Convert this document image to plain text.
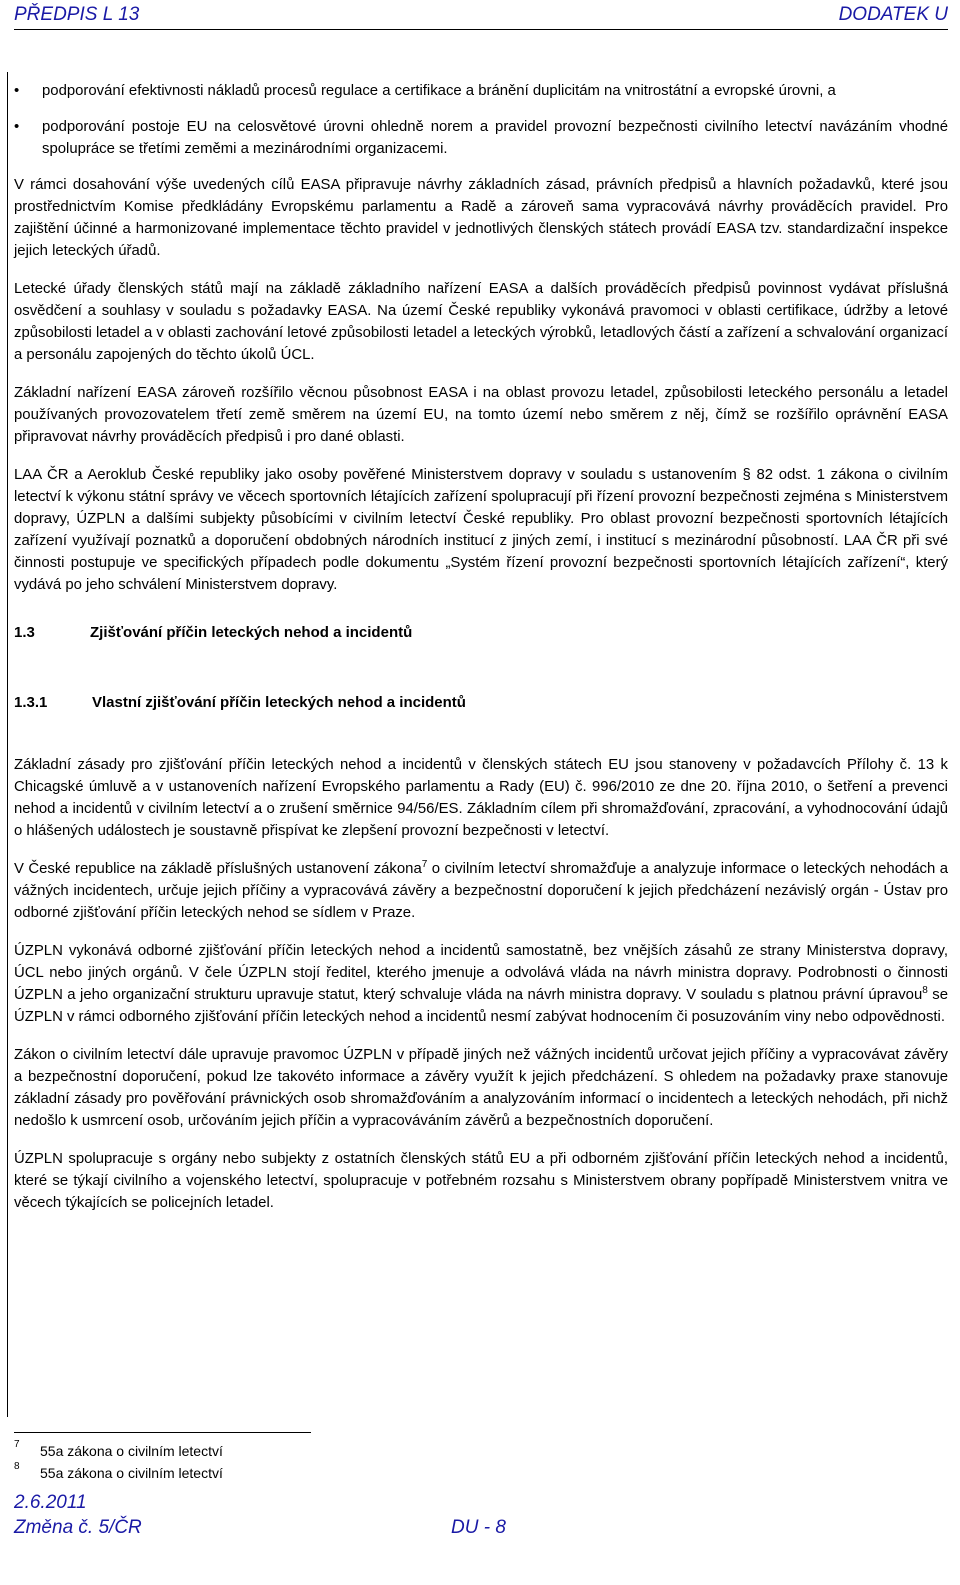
PŘEDPIS L 13	DODATEK U
• podporování efektivnosti nákladů procesů regulace a certifikace a bránění duplicitám na vnitrostátní a evropské úrovni, a
• podporování postoje EU na celosvětové úrovni ohledně norem a pravidel provozní bezpečnosti civilního letectví navázáním vhodné spolupráce se třetími zeměmi a mezinárodními organizacemi.

V rámci dosahování výše uvedených cílů EASA připravuje návrhy základních zásad, právních předpisů a hlavních požadavků, které jsou prostřednictvím Komise předkládány Evropskému parlamentu a Radě a zároveň sama vypracovává návrhy prováděcích pravidel. Pro zajištění účinné a harmonizované implementace těchto pravidel v jednotlivých členských státech provádí EASA tzv. standardizační inspekce jejich leteckých úřadů.

Letecké úřady členských států mají na základě základního nařízení EASA a dalších prováděcích předpisů povinnost vydávat příslušná osvědčení a souhlasy v souladu s požadavky EASA. Na území České republiky vykonává pravomoci v oblasti certifikace, údržby a letové způsobilosti letadel a v oblasti zachování letové způsobilosti letadel a leteckých výrobků, letadlových částí a zařízení a schvalování organizací a personálu zapojených do těchto úkolů ÚCL.

Základní nařízení EASA zároveň rozšířilo věcnou působnost EASA i na oblast provozu letadel, způsobilosti leteckého personálu a letadel používaných provozovatelem třetí země směrem na území EU, na tomto území nebo směrem z něj, čímž se rozšířilo oprávnění EASA připravovat návrhy prováděcích předpisů i pro dané oblasti.

LAA ČR a Aeroklub České republiky jako osoby pověřené Ministerstvem dopravy v souladu s ustanovením § 82 odst. 1 zákona o civilním letectví k výkonu státní správy ve věcech sportovních létajících zařízení spolupracují při řízení provozní bezpečnosti zejména s Ministerstvem dopravy, ÚZPLN a dalšími subjekty působícími v civilním letectví České republiky. Pro oblast provozní bezpečnosti sportovních létajících zařízení využívají poznatků a doporučení obdobných národních institucí z jiných zemí, i institucí s mezinárodní působností. LAA ČR při své činnosti postupuje ve specifických případech podle dokumentu „Systém řízení provozní bezpečnosti sportovních létajících zařízení“, který vydává po jeho schválení Ministerstvem dopravy.

1.3	Zjišťování příčin leteckých nehod a incidentů
1.3.1	Vlastní zjišťování příčin leteckých nehod a incidentů

Základní zásady pro zjišťování příčin leteckých nehod a incidentů v členských státech EU jsou stanoveny v požadavcích Přílohy č. 13 k Chicagské úmluvě a v ustanoveních nařízení Evropského parlamentu a Rady (EU) č. 996/2010 ze dne 20. října 2010, o šetření a prevenci nehod a incidentů v civilním letectví a o zrušení směrnice 94/56/ES. Základním cílem při shromažďování, zpracování, a vyhodnocování údajů o hlášených událostech je soustavně přispívat ke zlepšení provozní bezpečnosti v letectví.

V České republice na základě příslušných ustanovení zákona$^7$ o civilním letectví shromažďuje a analyzuje informace o leteckých nehodách a vážných incidentech, určuje jejich příčiny a vypracovává závěry a bezpečnostní doporučení k jejich předcházení nezávislý orgán - Ústav pro odborné zjišťování příčin leteckých nehod se sídlem v Praze.

ÚZPLN vykonává odborné zjišťování příčin leteckých nehod a incidentů samostatně, bez vnějších zásahů ze strany Ministerstva dopravy, ÚCL nebo jiných orgánů. V čele ÚZPLN stojí ředitel, kterého jmenuje a odvolává vláda na návrh ministra dopravy. Podrobnosti o činnosti ÚZPLN a jeho organizační strukturu upravuje statut, který schvaluje vláda na návrh ministra dopravy. V souladu s platnou právní úpravou$^8$ se ÚZPLN v rámci odborného zjišťování příčin leteckých nehod a incidentů nesmí zabývat hodnocením či posuzováním viny nebo odpovědnosti.

Zákon o civilním letectví dále upravuje pravomoc ÚZPLN v případě jiných než vážných incidentů určovat jejich příčiny a vypracovávat závěry a bezpečnostní doporučení, pokud lze takovéto informace a závěry využít k jejich předcházení. S ohledem na požadavky praxe stanovuje základní zásady pro pověřování právnických osob shromažďováním a analyzováním informací o incidentech a leteckých nehodách, při nichž nedošlo k usmrcení osob, určováním jejich příčin a vypracováváním závěrů a bezpečnostních doporučení.

ÚZPLN spolupracuje s orgány nebo subjekty z ostatních členských států EU a při odborném zjišťování příčin leteckých nehod a incidentů, které se týkají civilního a vojenského letectví, spolupracuje v potřebném rozsahu s Ministerstvem obrany popřípadě Ministerstvem vnitra ve věcech týkajících se policejních letadel.

7 55a zákona o civilním letectví
8 55a zákona o civilním letectví
2.6.2011
Změna č. 5/ČR	DU - 8
